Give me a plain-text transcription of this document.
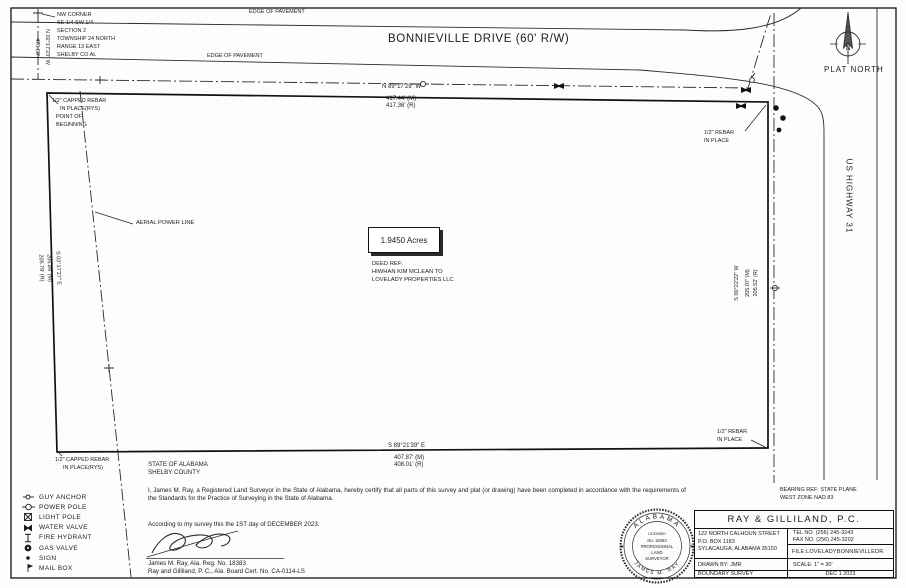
ALABAMA
JAMES M. RAY
LICENSED
No. 18383
PROFESSIONAL
LAND
SURVEYOR
★	★
N
EDGE OF PAVEMENT
EDGE OF PAVEMENT
BONNIEVILLE DRIVE (60' R/W)
US HIGHWAY 31
PLAT NORTH
NW CORNER
SE 1/4 SW 1/4
SECTION 2
TOWNSHIP 24 NORTH
RANGE 13 EAST
SHELBY CO AL
N 02°17'23" W
470.68'
N 89°17'29" W
417.44' (M)
417.36' (R)
S 89°21'39" E
407.87' (M)
408.01' (R)
S 02°17'27" E
205.84' (M)
205.79' (R)	S 00°22'22" W 205.07' (M) 205.52' (R)
1/2" CAPPED REBAR
IN PLACE(RYS)
POINT OF
BEGINNING
1/2" REBAR
IN PLACE
1/2" REBAR
IN PLACE
1/2" CAPPED REBAR
IN PLACE(RYS)
1.9450 Acres
DEED REF:
HIWHAN KIM MCLEAN TO
LOVELADY PROPERTIES LLC
AERIAL POWER LINE
GUY ANCHOR
POWER POLE
LIGHT POLE
WATER VALVE
FIRE HYDRANT
GAS VALVE
SIGN
MAIL BOX
STATE OF ALABAMA
SHELBY COUNTY
I, James M. Ray, a Registered Land Surveyor in the State of Alabama, hereby certify that all parts of this survey and plat (or drawing) have been completed in accordance with the requirements of the Standards for the Practice of Surveying in the State of Alabama.
According to my survey this the 1ST day of DECEMBER 2023.
James M. Ray, Ala. Reg. No. 18383
Ray and Gilliland, P. C., Ala. Board Cert. No. CA-0114-LS
BEARING REF: STATE PLANE
WEST ZONE NAD 83
RAY & GILLILAND, P.C.
122 NORTH CALHOUN STREET
P.O. BOX 1183
SYLACAUGA, ALABAMA 35150
TEL NO. (256) 245-3243
FAX NO. (256) 245-3202
FILE:LOVELADYBONNIEVILLEDR
DRAWN BY: JMR	SCALE: 1" = 30'
BOUNDARY SURVEY	DEC 1 2023
